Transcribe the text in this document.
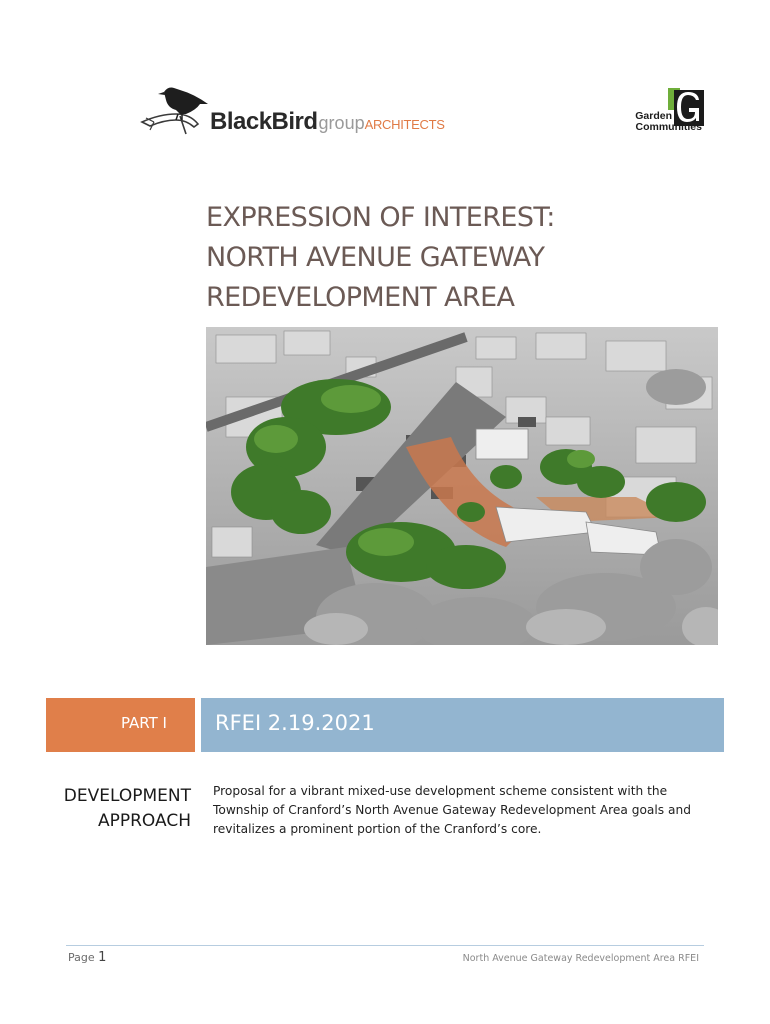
BlackBirdgroupARCHITECTS
Garden
Communities
EXPRESSION OF INTEREST:
NORTH AVENUE GATEWAY
REDEVELOPMENT AREA
PART I RFEI 2.19.2021
DEVELOPMENT
APPROACH
Proposal for a vibrant mixed-use development scheme consistent with the Township of Cranford’s North Avenue Gateway Redevelopment Area goals and revitalizes a prominent portion of the Cranford’s core.
Page 1	North Avenue Gateway Redevelopment Area RFEI
